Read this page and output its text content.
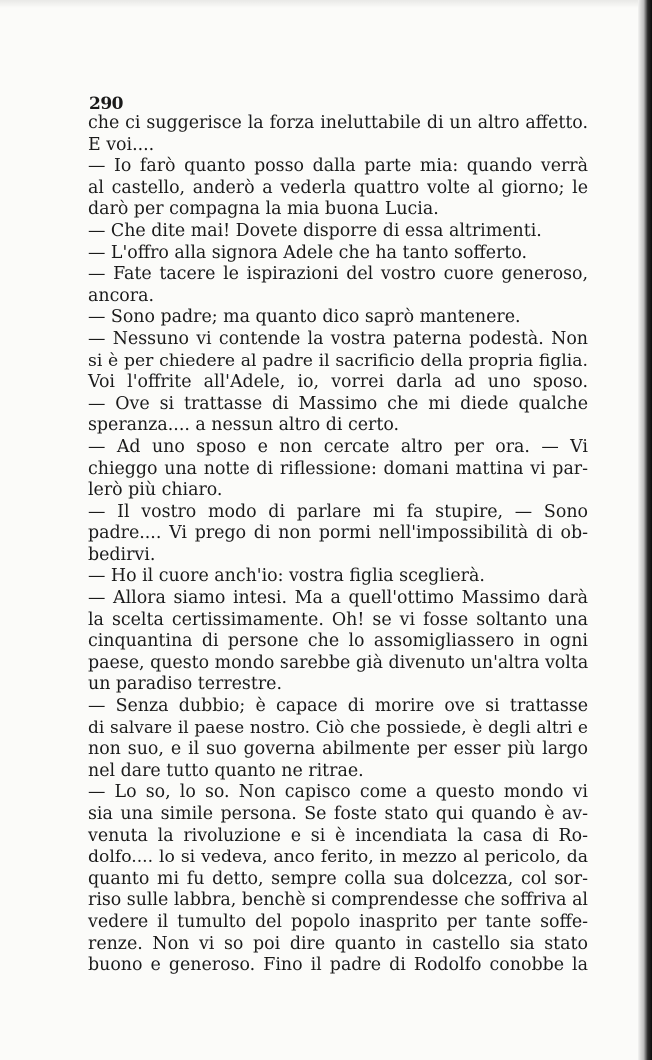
290
che ci suggerisce la forza ineluttabile di un altro affetto.
E voi....
— Io farò quanto posso dalla parte mia: quando verrà
al castello, anderò a vederla quattro volte al giorno; le
darò per compagna la mia buona Lucia.
— Che dite mai! Dovete disporre di essa altrimenti.
— L'offro alla signora Adele che ha tanto sofferto.
— Fate tacere le ispirazioni del vostro cuore generoso,
ancora.
— Sono padre; ma quanto dico saprò mantenere.
— Nessuno vi contende la vostra paterna podestà. Non
si è per chiedere al padre il sacrificio della propria figlia.
Voi l'offrite all'Adele, io, vorrei darla ad uno sposo.
— Ove si trattasse di Massimo che mi diede qualche
speranza.... a nessun altro di certo.
— Ad uno sposo e non cercate altro per ora. — Vi
chieggo una notte di riflessione: domani mattina vi par-
lerò più chiaro.
— Il vostro modo di parlare mi fa stupire, — Sono
padre.... Vi prego di non pormi nell'impossibilità di ob-
bedirvi.
— Ho il cuore anch'io: vostra figlia sceglierà.
— Allora siamo intesi. Ma a quell'ottimo Massimo darà
la scelta certissimamente. Oh! se vi fosse soltanto una
cinquantina di persone che lo assomigliassero in ogni
paese, questo mondo sarebbe già divenuto un'altra volta
un paradiso terrestre.
— Senza dubbio; è capace di morire ove si trattasse
di salvare il paese nostro. Ciò che possiede, è degli altri e
non suo, e il suo governa abilmente per esser più largo
nel dare tutto quanto ne ritrae.
— Lo so, lo so. Non capisco come a questo mondo vi
sia una simile persona. Se foste stato qui quando è av-
venuta la rivoluzione e si è incendiata la casa di Ro-
dolfo.... lo si vedeva, anco ferito, in mezzo al pericolo, da
quanto mi fu detto, sempre colla sua dolcezza, col sor-
riso sulle labbra, benchè si comprendesse che soffriva al
vedere il tumulto del popolo inasprito per tante soffe-
renze. Non vi so poi dire quanto in castello sia stato
buono e generoso. Fino il padre di Rodolfo conobbe la
